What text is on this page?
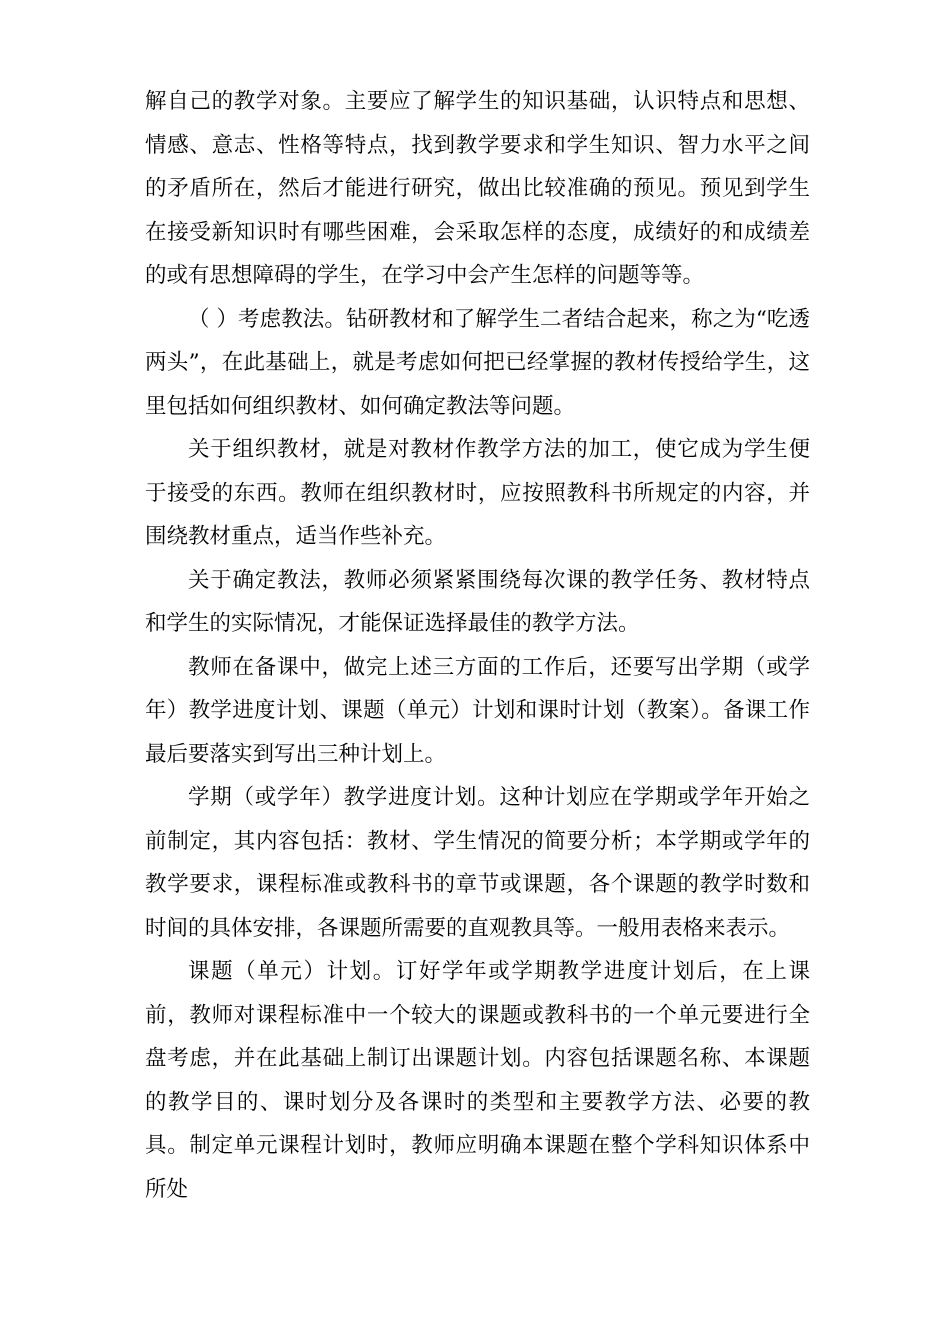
解自己的教学对象。主要应了解学生的知识基础，认识特点和思想、情感、意志、性格等特点，找到教学要求和学生知识、智力水平之间的矛盾所在，然后才能进行研究，做出比较准确的预见。预见到学生在接受新知识时有哪些困难，会采取怎样的态度，成绩好的和成绩差的或有思想障碍的学生，在学习中会产生怎样的问题等等。

（ ）考虑教法。钻研教材和了解学生二者结合起来，称之为“吃透两头”，在此基础上，就是考虑如何把已经掌握的教材传授给学生，这里包括如何组织教材、如何确定教法等问题。

关于组织教材，就是对教材作教学方法的加工，使它成为学生便于接受的东西。教师在组织教材时，应按照教科书所规定的内容，并围绕教材重点，适当作些补充。

关于确定教法，教师必须紧紧围绕每次课的教学任务、教材特点和学生的实际情况，才能保证选择最佳的教学方法。

教师在备课中，做完上述三方面的工作后，还要写出学期（或学年）教学进度计划、课题（单元）计划和课时计划（教案）。备课工作最后要落实到写出三种计划上。

学期（或学年）教学进度计划。这种计划应在学期或学年开始之前制定，其内容包括：教材、学生情况的简要分析；本学期或学年的教学要求，课程标准或教科书的章节或课题，各个课题的教学时数和时间的具体安排，各课题所需要的直观教具等。一般用表格来表示。

课题（单元）计划。订好学年或学期教学进度计划后，在上课前，教师对课程标准中一个较大的课题或教科书的一个单元要进行全盘考虑，并在此基础上制订出课题计划。内容包括课题名称、本课题的教学目的、课时划分及各课时的类型和主要教学方法、必要的教具。制定单元课程计划时，教师应明确本课题在整个学科知识体系中所处
